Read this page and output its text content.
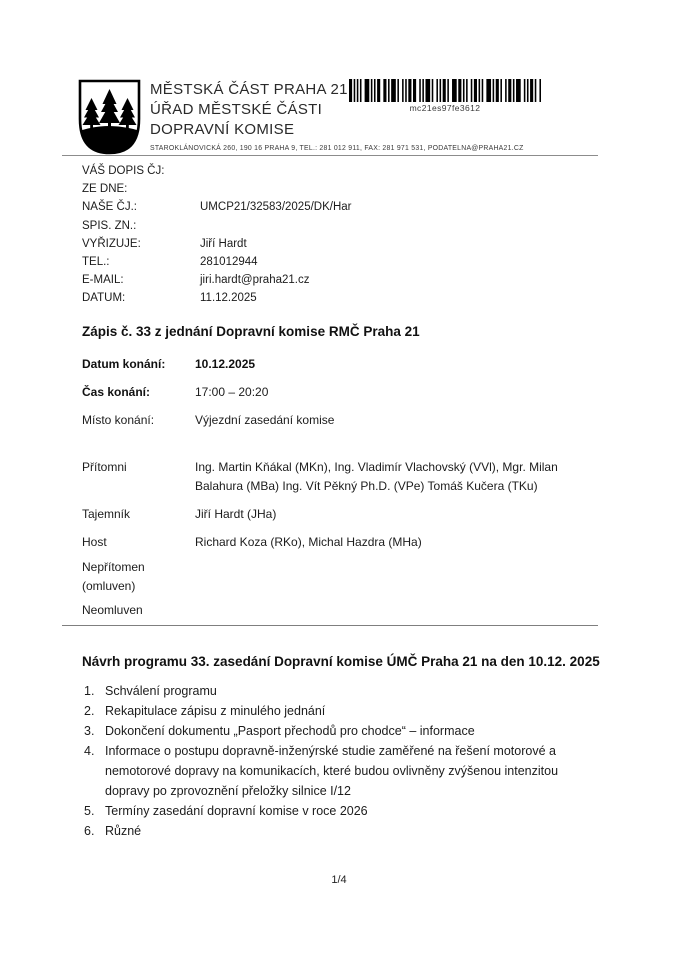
MĚSTSKÁ ČÁST PRAHA 21
ÚŘAD MĚSTSKÉ ČÁSTI
DOPRAVNÍ KOMISE
STAROKLÁNOVICKÁ 260, 190 16 PRAHA 9, TEL.: 281 012 911, FAX: 281 971 531, PODATELNA@PRAHA21.CZ
mc21es97fe3612
VÁŠ DOPIS ČJ:
ZE DNE:
NAŠE ČJ.:	UMCP21/32583/2025/DK/Har
SPIS. ZN.:
VYŘIZUJE:	Jiří Hardt
TEL.:	281012944
E-MAIL:	jiri.hardt@praha21.cz
DATUM:	11.12.2025
Zápis č. 33 z jednání Dopravní komise RMČ Praha 21
Datum konání: 10.12.2025
Čas konání:	17:00 – 20:20
Místo konání:	Výjezdní zasedání komise
Přítomni	Ing. Martin Kňákal (MKn), Ing. Vladimír Vlachovský (VVl), Mgr. Milan Balahura (MBa) Ing. Vít Pěkný Ph.D. (VPe) Tomáš Kučera (TKu)
Tajemník	Jiří Hardt (JHa)
Host	Richard Koza (RKo), Michal Hazdra (MHa)
Nepřítomen (omluven)
Neomluven
Návrh programu 33. zasedání Dopravní komise ÚMČ Praha 21 na den 10.12. 2025
1. Schválení programu
2. Rekapitulace zápisu z minulého jednání
3. Dokončení dokumentu „Pasport přechodů pro chodce“ – informace
4. Informace o postupu dopravně-inženýrské studie zaměřené na řešení motorové a nemotorové dopravy na komunikacích, které budou ovlivněny zvýšenou intenzitou dopravy po zprovoznění přeložky silnice I/12
5. Termíny zasedání dopravní komise v roce 2026
6. Různé
1/4
